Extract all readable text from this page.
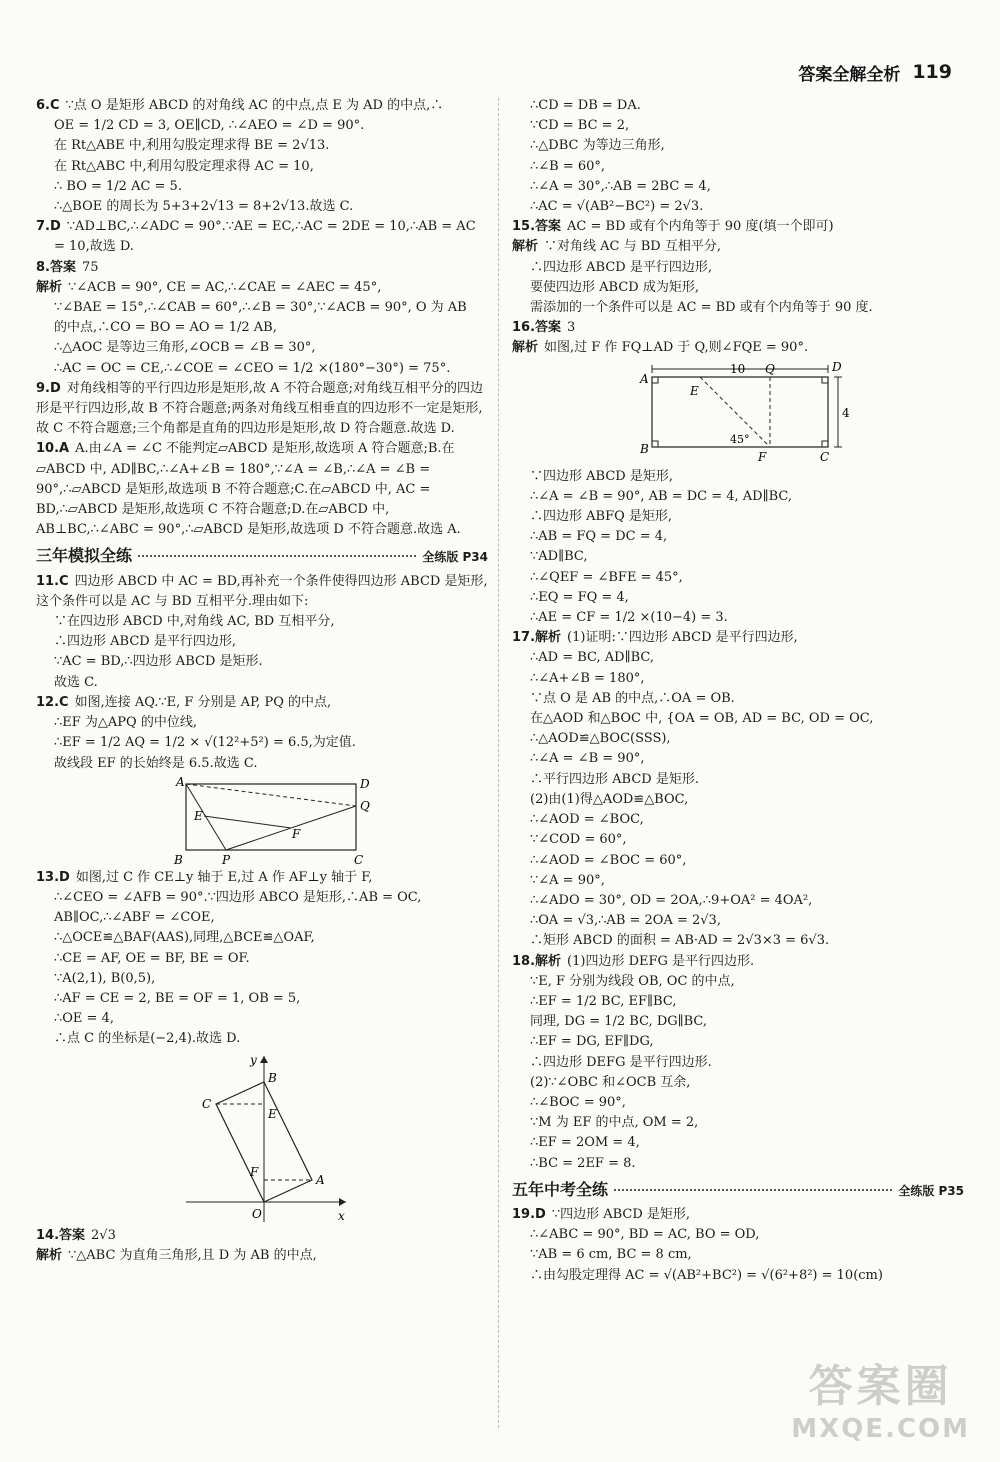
答案全解全析 119
6.C ∵点 O 是矩形 ABCD 的对角线 AC 的中点,点 E 为 AD 的中点,∴
OE = 1/2 CD = 3, OE∥CD, ∴∠AEO = ∠D = 90°.
在 Rt△ABE 中,利用勾股定理求得 BE = 2√13.
在 Rt△ABC 中,利用勾股定理求得 AC = 10,
∴ BO = 1/2 AC = 5.
∴△BOE 的周长为 5+3+2√13 = 8+2√13.故选 C.
7.D ∵AD⊥BC,∴∠ADC = 90°.∵AE = EC,∴AC = 2DE = 10,∴AB = AC
= 10,故选 D.
8.答案 75
解析 ∵∠ACB = 90°, CE = AC,∴∠CAE = ∠AEC = 45°,
∵∠BAE = 15°,∴∠CAB = 60°,∴∠B = 30°,∵∠ACB = 90°, O 为 AB
的中点,∴CO = BO = AO = 1/2 AB,
∴△AOC 是等边三角形,∠OCB = ∠B = 30°,
∴AC = OC = CE,∴∠COE = ∠CEO = 1/2 ×(180°−30°) = 75°.
9.D 对角线相等的平行四边形是矩形,故 A 不符合题意;对角线互相平分的四边形是平行四边形,故 B 不符合题意;两条对角线互相垂直的四边形不一定是矩形,故 C 不符合题意;三个角都是直角的四边形是矩形,故 D 符合题意.故选 D.
10.A A.由∠A = ∠C 不能判定▱ABCD 是矩形,故选项 A 符合题意;B.在▱ABCD 中, AD∥BC,∴∠A+∠B = 180°,∵∠A = ∠B,∴∠A = ∠B = 90°,∴▱ABCD 是矩形,故选项 B 不符合题意;C.在▱ABCD 中, AC = BD,∴▱ABCD 是矩形,故选项 C 不符合题意;D.在▱ABCD 中, AB⊥BC,∴∠ABC = 90°,∴▱ABCD 是矩形,故选项 D 不符合题意.故选 A.
三年模拟全练	全练版 P34
11.C 四边形 ABCD 中 AC = BD,再补充一个条件使得四边形 ABCD 是矩形,这个条件可以是 AC 与 BD 互相平分.理由如下:
∵在四边形 ABCD 中,对角线 AC, BD 互相平分,
∴四边形 ABCD 是平行四边形,
∵AC = BD,∴四边形 ABCD 是矩形.
故选 C.
12.C 如图,连接 AQ.∵E, F 分别是 AP, PQ 的中点,
∴EF 为△APQ 的中位线,
∴EF = 1/2 AQ = 1/2 × √(12²+5²) = 6.5,为定值.
故线段 EF 的长始终是 6.5.故选 C.
A	D
Q
E
F
B	P	C
13.D 如图,过 C 作 CE⊥y 轴于 E,过 A 作 AF⊥y 轴于 F,
∴∠CEO = ∠AFB = 90°.∵四边形 ABCO 是矩形,∴AB = OC, AB∥OC,∴∠ABF = ∠COE,
∴△OCE≌△BAF(AAS),同理,△BCE≌△OAF,
∴CE = AF, OE = BF, BE = OF.
∵A(2,1), B(0,5),
∴AF = CE = 2, BE = OF = 1, OB = 5,
∴OE = 4,
∴点 C 的坐标是(−2,4).故选 D.
y
B
C
E
F
A
O	x
14.答案 2√3
解析 ∵△ABC 为直角三角形,且 D 为 AB 的中点,
∴CD = DB = DA.
∵CD = BC = 2,
∴△DBC 为等边三角形,
∴∠B = 60°,
∴∠A = 30°,∴AB = 2BC = 4,
∴AC = √(AB²−BC²) = 2√3.
15.答案 AC = BD 或有个内角等于 90 度(填一个即可)
解析 ∵对角线 AC 与 BD 互相平分,
∴四边形 ABCD 是平行四边形,
要使四边形 ABCD 成为矩形,
需添加的一个条件可以是 AC = BD 或有个内角等于 90 度.
16.答案 3
解析 如图,过 F 作 FQ⊥AD 于 Q,则∠FQE = 90°.
10
4
A
E
Q	D
45°
B
F	C
∵四边形 ABCD 是矩形,
∴∠A = ∠B = 90°, AB = DC = 4, AD∥BC,
∴四边形 ABFQ 是矩形,
∴AB = FQ = DC = 4,
∵AD∥BC,
∴∠QEF = ∠BFE = 45°,
∴EQ = FQ = 4,
∴AE = CF = 1/2 ×(10−4) = 3.
17.解析 (1)证明:∵四边形 ABCD 是平行四边形,
∴AD = BC, AD∥BC,
∴∠A+∠B = 180°,
∵点 O 是 AB 的中点,∴OA = OB.
在△AOD 和△BOC 中, {OA = OB, AD = BC, OD = OC,
∴△AOD≌△BOC(SSS),
∴∠A = ∠B = 90°,
∴平行四边形 ABCD 是矩形.
(2)由(1)得△AOD≌△BOC,
∴∠AOD = ∠BOC,
∵∠COD = 60°,
∴∠AOD = ∠BOC = 60°,
∵∠A = 90°,
∴∠ADO = 30°, OD = 2OA,∴9+OA² = 4OA²,
∴OA = √3,∴AB = 2OA = 2√3,
∴矩形 ABCD 的面积 = AB·AD = 2√3×3 = 6√3.
18.解析 (1)四边形 DEFG 是平行四边形.
∵E, F 分别为线段 OB, OC 的中点,
∴EF = 1/2 BC, EF∥BC,
同理, DG = 1/2 BC, DG∥BC,
∴EF = DG, EF∥DG,
∴四边形 DEFG 是平行四边形.
(2)∵∠OBC 和∠OCB 互余,
∴∠BOC = 90°,
∵M 为 EF 的中点, OM = 2,
∴EF = 2OM = 4,
∴BC = 2EF = 8.
五年中考全练	全练版 P35
19.D ∵四边形 ABCD 是矩形,
∴∠ABC = 90°, BD = AC, BO = OD,
∵AB = 6 cm, BC = 8 cm,
∴由勾股定理得 AC = √(AB²+BC²) = √(6²+8²) = 10(cm)
答案圈
MXQE.COM
